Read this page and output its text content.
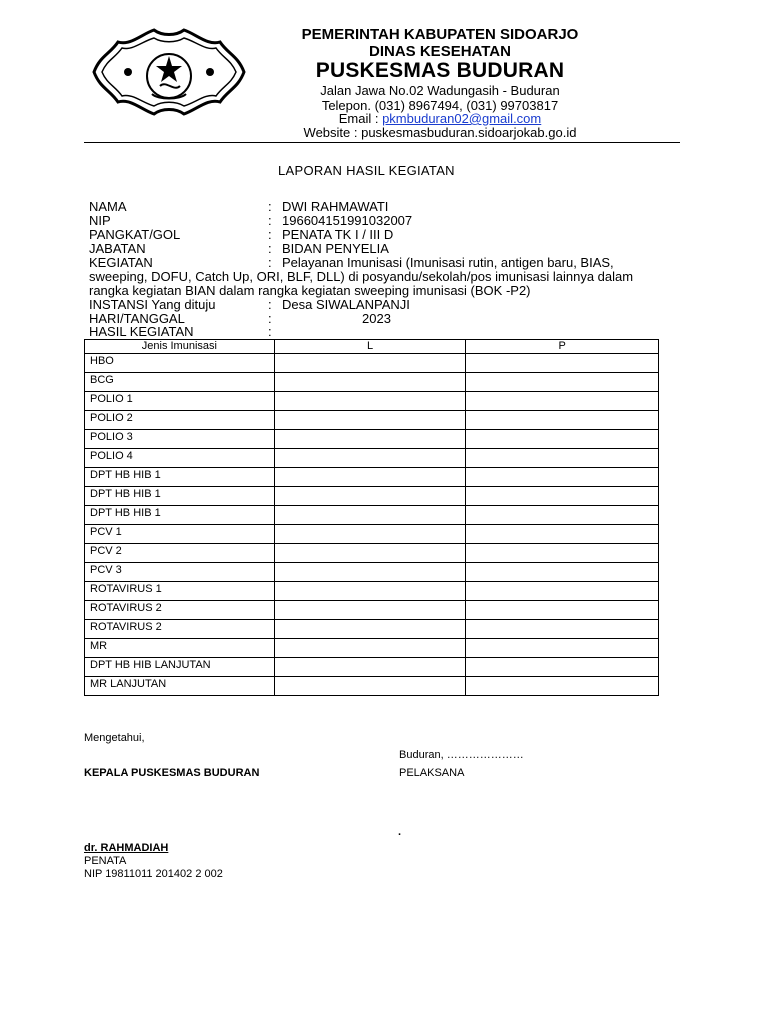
PEMERINTAH KABUPATEN SIDOARJO
DINAS KESEHATAN
PUSKESMAS BUDURAN
Jalan Jawa No.02 Wadungasih - Buduran
Telepon. (031) 8967494, (031) 99703817
Email : pkmbuduran02@gmail.com
Website : puskesmasbuduran.sidoarjokab.go.id
LAPORAN HASIL KEGIATAN
NAMA	: DWI RAHMAWATI
NIP	: 196604151991032007
PANGKAT/GOL	: PENATA TK I / III D
JABATAN	: BIDAN PENYELIA
KEGIATAN	: Pelayanan Imunisasi (Imunisasi rutin, antigen baru, BIAS,
sweeping, DOFU, Catch Up, ORI, BLF, DLL) di posyandu/sekolah/pos imunisasi lainnya dalam
rangka kegiatan BIAN dalam rangka kegiatan sweeping imunisasi (BOK -P2)
INSTANSI Yang dituju	: Desa SIWALANPANJI
HARI/TANGGAL	:	2023
HASIL KEGIATAN	:
Jenis Imunisasi	L	P
HBO		
BCG		
POLIO 1		
POLIO 2		
POLIO 3		
POLIO 4		
DPT HB HIB 1		
DPT HB HIB 1		
DPT HB HIB 1		
PCV 1		
PCV 2		
PCV 3		
ROTAVIRUS 1		
ROTAVIRUS 2		
ROTAVIRUS 2		
MR		
DPT HB HIB LANJUTAN		
MR LANJUTAN		
Mengetahui,
Buduran, …………………
KEPALA PUSKESMAS BUDURAN	PELAKSANA
.
dr. RAHMADIAH
PENATA
NIP 19811011 201402 2 002
